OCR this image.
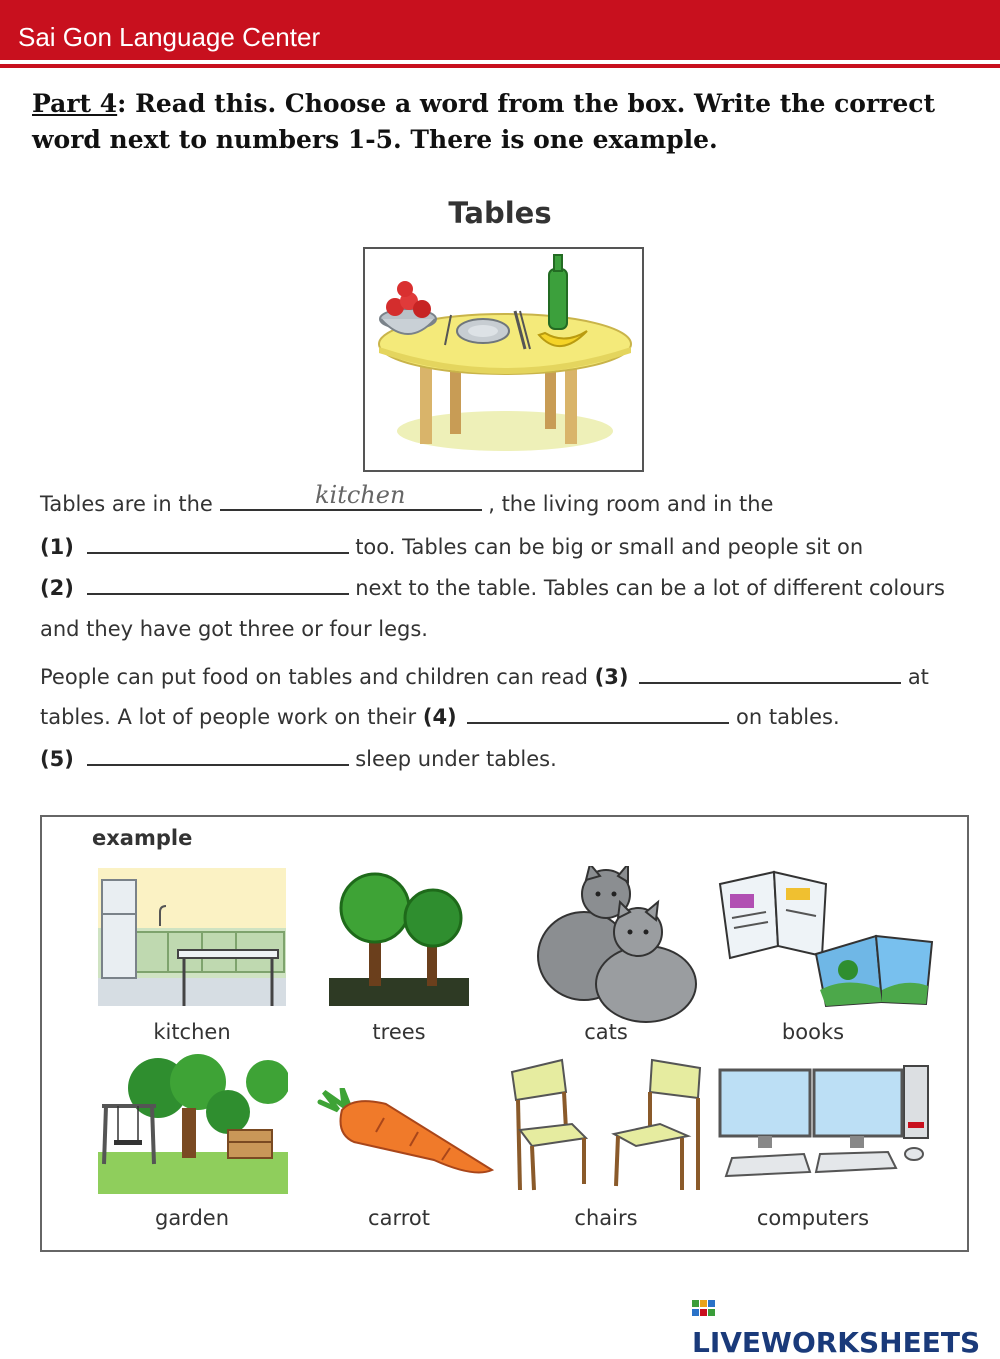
Sai Gon Language Center
Part 4: Read this. Choose a word from the box. Write the correct word next to numbers 1-5. There is one example.
Tables
Tables are in the	, the living room and in the
kitchen
(1)	too. Tables can be big or small and people sit on
(2)	next to the table. Tables can be a lot of different colours
and they have got three or four legs.
People can put food on tables and children can read (3)	at
tables. A lot of people work on their (4)	on tables.
(5)	sleep under tables.
example
kitchen	trees	cats	books
garden	carrot	chairs	computers
LIVEWORKSHEETS
